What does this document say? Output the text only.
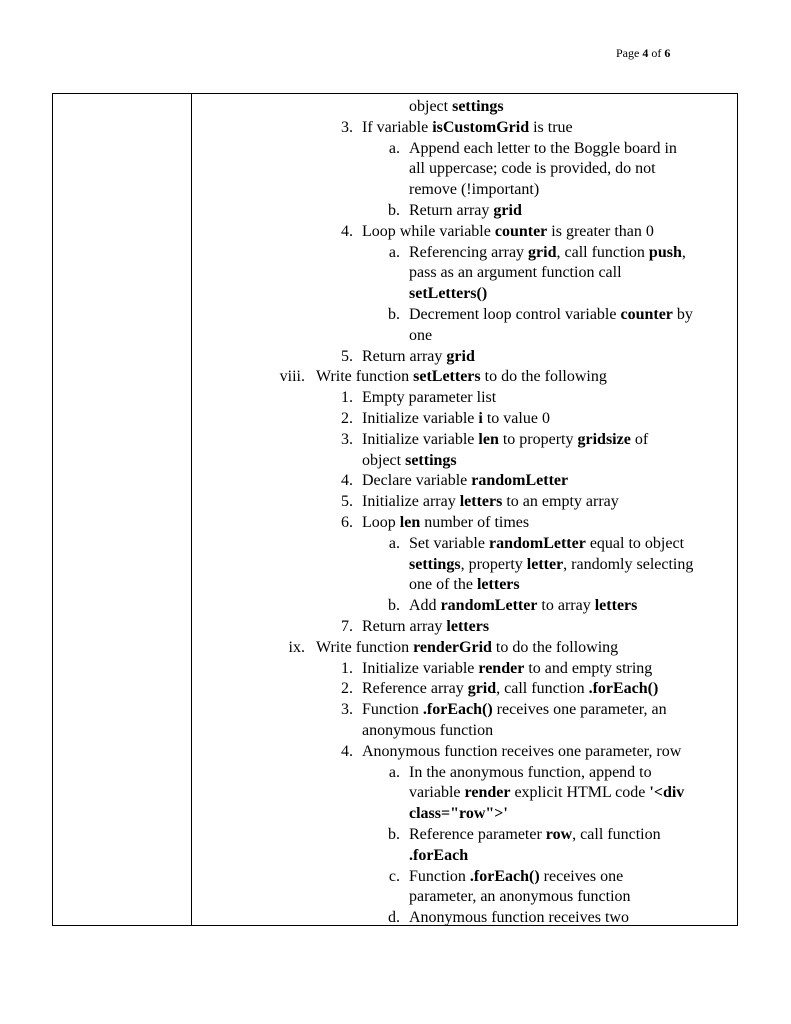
Page 4 of 6
object settings
3. If variable isCustomGrid is true
a. Append each letter to the Boggle board in
all uppercase; code is provided, do not
remove (!important)
b. Return array grid
4. Loop while variable counter is greater than 0
a. Referencing array grid, call function push,
pass as an argument function call
setLetters()
b. Decrement loop control variable counter by
one
5. Return array grid
viii. Write function setLetters to do the following
1. Empty parameter list
2. Initialize variable i to value 0
3. Initialize variable len to property gridsize of
object settings
4. Declare variable randomLetter
5. Initialize array letters to an empty array
6. Loop len number of times
a. Set variable randomLetter equal to object
settings, property letter, randomly selecting
one of the letters
b. Add randomLetter to array letters
7. Return array letters
ix. Write function renderGrid to do the following
1. Initialize variable render to and empty string
2. Reference array grid, call function .forEach()
3. Function .forEach() receives one parameter, an
anonymous function
4. Anonymous function receives one parameter, row
a. In the anonymous function, append to
variable render explicit HTML code '<div
class="row">'
b. Reference parameter row, call function
.forEach
c. Function .forEach() receives one
parameter, an anonymous function
d. Anonymous function receives two
